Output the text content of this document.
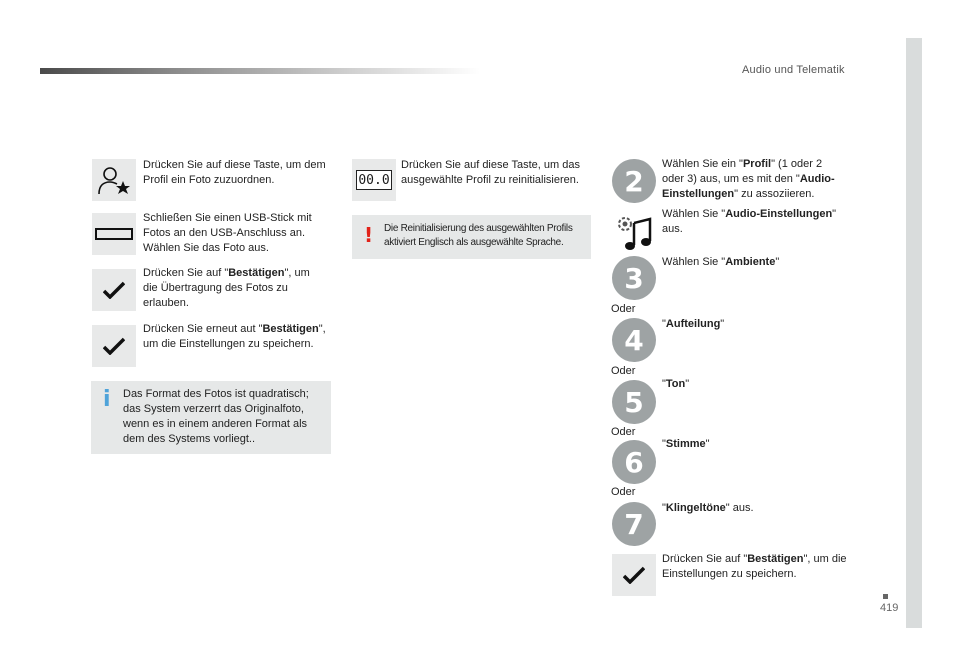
Audio und Telematik
419
Drücken Sie auf diese Taste, um dem Profil ein Foto zuzuordnen.
Schließen Sie einen USB-Stick mit Fotos an den USB-Anschluss an. Wählen Sie das Foto aus.
Drücken Sie auf "Bestätigen", um die Übertragung des Fotos zu erlauben.
Drücken Sie erneut aut "Bestätigen", um die Einstellungen zu speichern.
i Das Format des Fotos ist quadratisch; das System verzerrt das Originalfoto, wenn es in einem anderen Format als dem des Systems vorliegt..
00.0
Drücken Sie auf diese Taste, um das ausgewählte Profil zu reinitialisieren.
! Die Reinitialisierung des ausgewählten Profils aktiviert Englisch als ausgewählte Sprache.
2
Wählen Sie ein "Profil" (1 oder 2 oder 3) aus, um es mit den "Audio-Einstellungen" zu assoziieren.
Wählen Sie "Audio-Einstellungen" aus.
3	Wählen Sie "Ambiente"
Oder
4	"Aufteilung"
Oder
5
"Ton"
Oder
6
"Stimme"
Oder
7	"Klingeltöne" aus.
Drücken Sie auf "Bestätigen", um die Einstellungen zu speichern.
